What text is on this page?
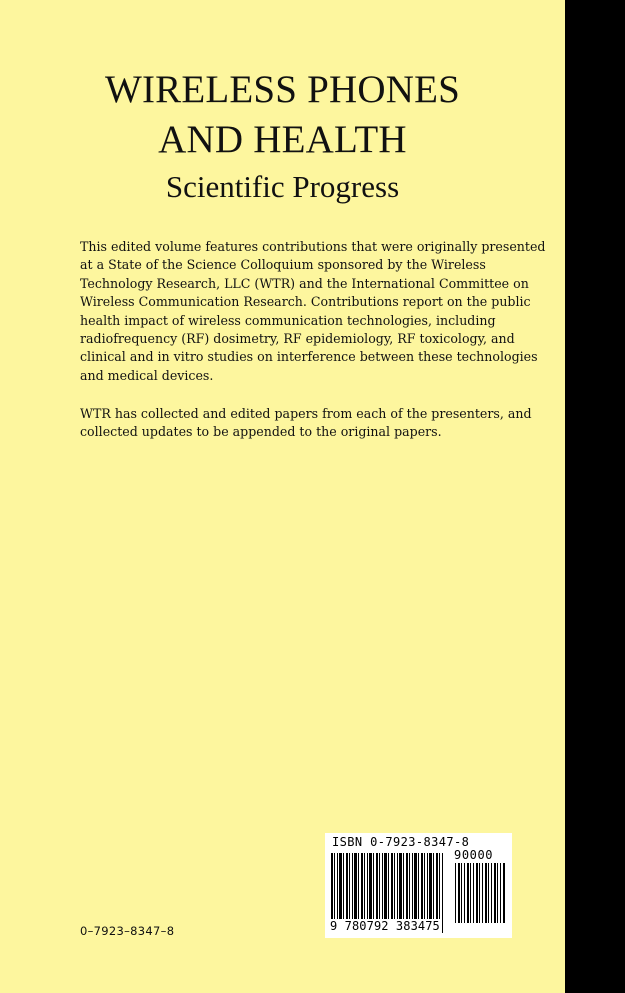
WIRELESS PHONES
AND HEALTH
Scientific Progress

This edited volume features contributions that were originally presented at a State of the Science Colloquium sponsored by the Wireless Technology Research, LLC (WTR) and the International Committee on Wireless Communication Research. Contributions report on the public health impact of wireless communication technologies, including radiofrequency (RF) dosimetry, RF epidemiology, RF toxicology, and clinical and in vitro studies on interference between these technologies and medical devices.

WTR has collected and edited papers from each of the presenters, and collected updates to be appended to the original papers.

ISBN 0-7923-8347-8
90000
9 780792 383475
0–7923–8347–8
